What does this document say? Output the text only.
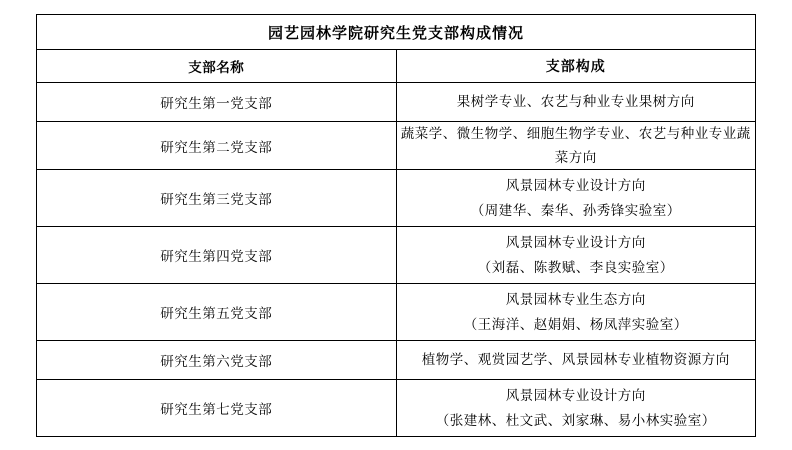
园艺园林学院研究生党支部构成情况	
支部名称	支部构成
研究生第一党支部	果树学专业、农艺与种业专业果树方向

研究生第二党支部	蔬菜学、微生物学、细胞生物学专业、农艺与种业专业蔬菜方向

研究生第三党支部	风景园林专业设计方向
（周建华、秦华、孙秀锋实验室）

研究生第四党支部	风景园林专业设计方向
（刘磊、陈教赋、李良实验室）

研究生第五党支部	风景园林专业生态方向
（王海洋、赵娟娟、杨凤萍实验室）

研究生第六党支部	植物学、观赏园艺学、风景园林专业植物资源方向

研究生第七党支部	风景园林专业设计方向
（张建林、杜文武、刘家琳、易小林实验室）
